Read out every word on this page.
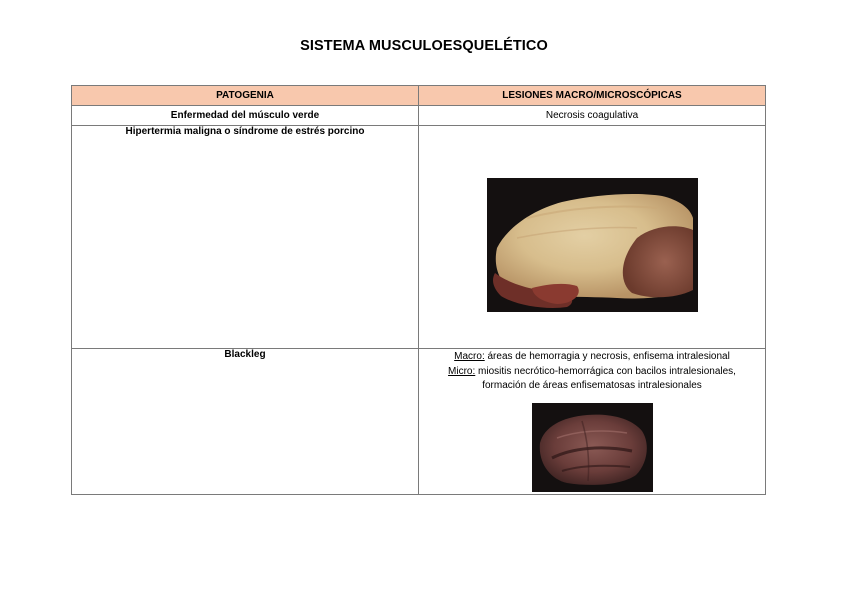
SISTEMA MUSCULOESQUELÉTICO
PATOGENIA	LESIONES MACRO/MICROSCÓPICAS
Enfermedad del músculo verde	Necrosis coagulativa
Hipertermia maligna o síndrome de estrés porcino	

Blackleg	Macro: áreas de hemorragia y necrosis, enfisema intralesional
Micro: miositis necrótico-hemorrágica con bacilos intralesionales,
formación de áreas enfisematosas intralesionales
